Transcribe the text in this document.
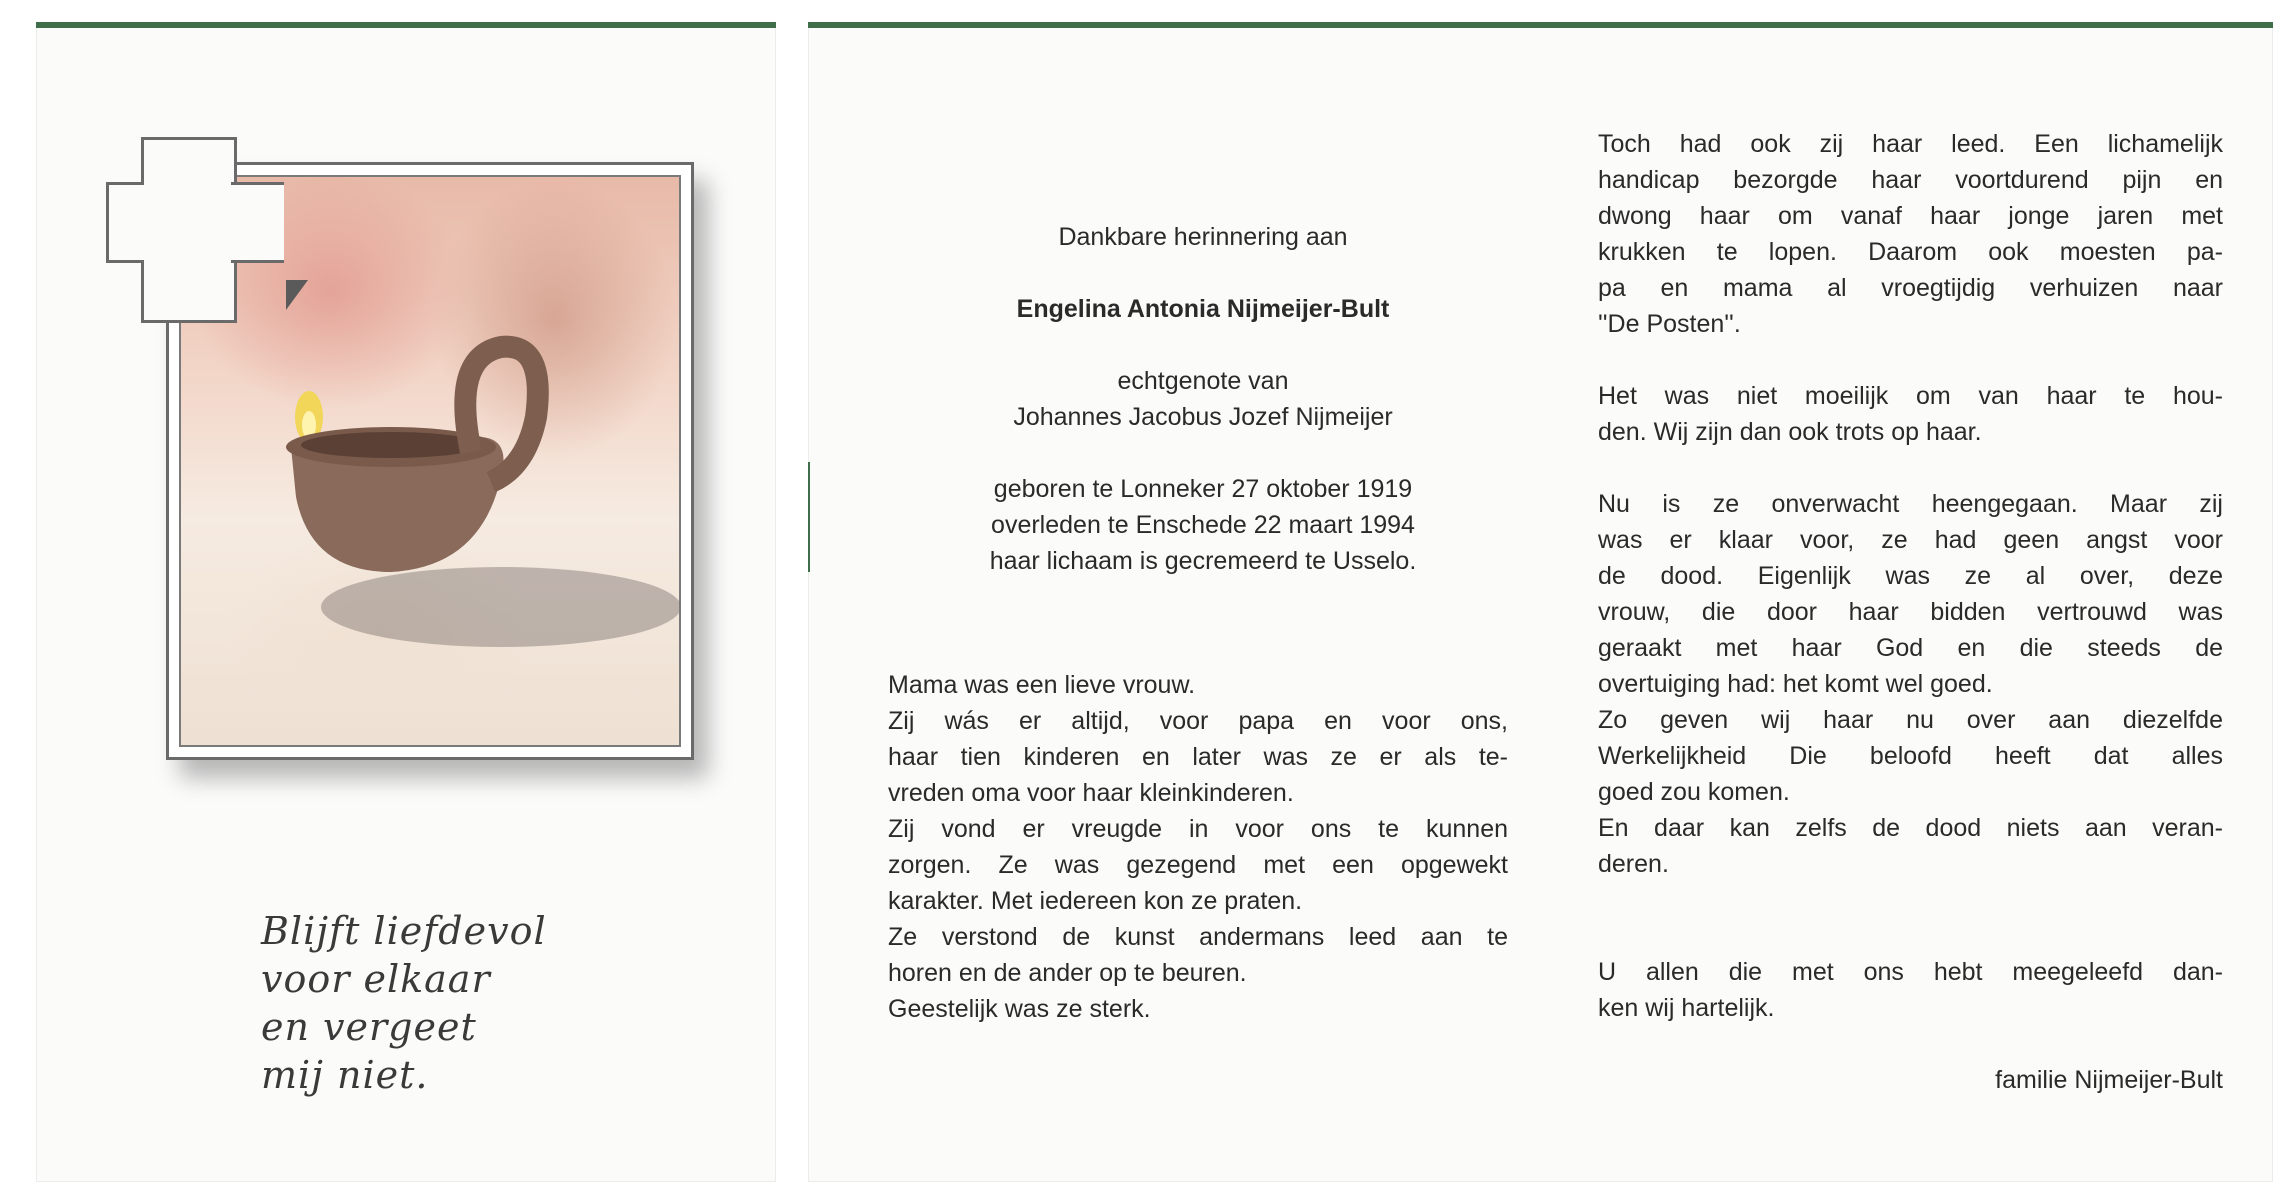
Blijft liefdevol
voor elkaar
en vergeet
mij niet.
Dankbare herinnering aan
Engelina Antonia Nijmeijer-Bult
echtgenote van
Johannes Jacobus Jozef Nijmeijer
geboren te Lonneker 27 oktober 1919
overleden te Enschede 22 maart 1994
haar lichaam is gecremeerd te Usselo.
Mama was een lieve vrouw.
Zij wás er altijd, voor papa en voor ons,
haar tien kinderen en later was ze er als te-
vreden oma voor haar kleinkinderen.
Zij vond er vreugde in voor ons te kunnen
zorgen. Ze was gezegend met een opgewekt
karakter. Met iedereen kon ze praten.
Ze verstond de kunst andermans leed aan te
horen en de ander op te beuren.
Geestelijk was ze sterk.
Toch had ook zij haar leed. Een lichamelijk
handicap bezorgde haar voortdurend pijn en
dwong haar om vanaf haar jonge jaren met
krukken te lopen. Daarom ook moesten pa-
pa en mama al vroegtijdig verhuizen naar
''De Posten''.
Het was niet moeilijk om van haar te hou-
den. Wij zijn dan ook trots op haar.
Nu is ze onverwacht heengegaan. Maar zij
was er klaar voor, ze had geen angst voor
de dood. Eigenlijk was ze al over, deze
vrouw, die door haar bidden vertrouwd was
geraakt met haar God en die steeds de
overtuiging had: het komt wel goed.
Zo geven wij haar nu over aan diezelfde
Werkelijkheid Die beloofd heeft dat alles
goed zou komen.
En daar kan zelfs de dood niets aan veran-
deren.
U allen die met ons hebt meegeleefd dan-
ken wij hartelijk.
familie Nijmeijer-Bult
